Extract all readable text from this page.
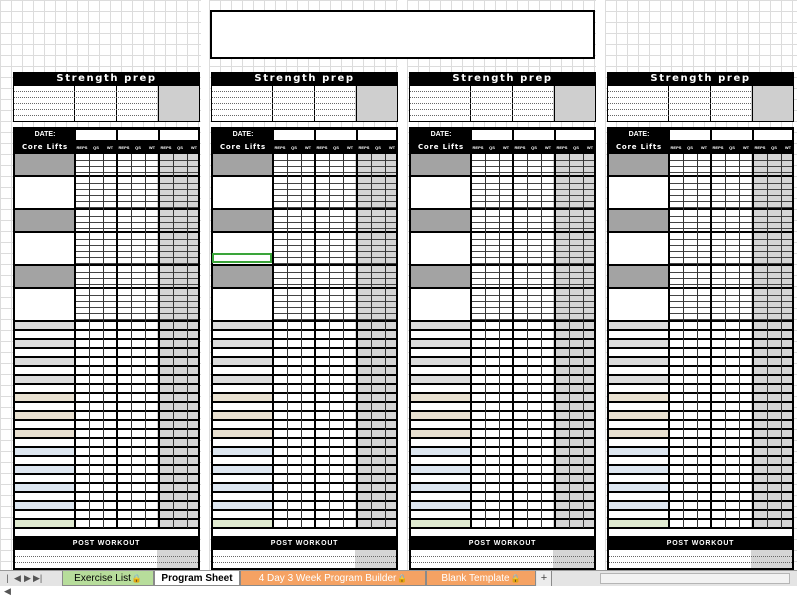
Strength prep
DATE:
Core Lifts	REPS	QS	WT	REPS	QS	WT	REPS	QS	WT
POST WORKOUT
Strength prep
DATE:
Core Lifts	REPS	QS	WT	REPS	QS	WT	REPS	QS	WT
POST WORKOUT
Strength prep
DATE:
Core Lifts	REPS	QS	WT	REPS	QS	WT	REPS	QS	WT
POST WORKOUT
Strength prep
DATE:
Core Lifts	REPS	QS	WT	REPS	QS	WT	REPS	QS	WT
POST WORKOUT
|◀
◀ ▶ ▶|	Exercise List🔒	Program Sheet	4 Day 3 Week Program Builder🔒	Blank Template🔒	+
